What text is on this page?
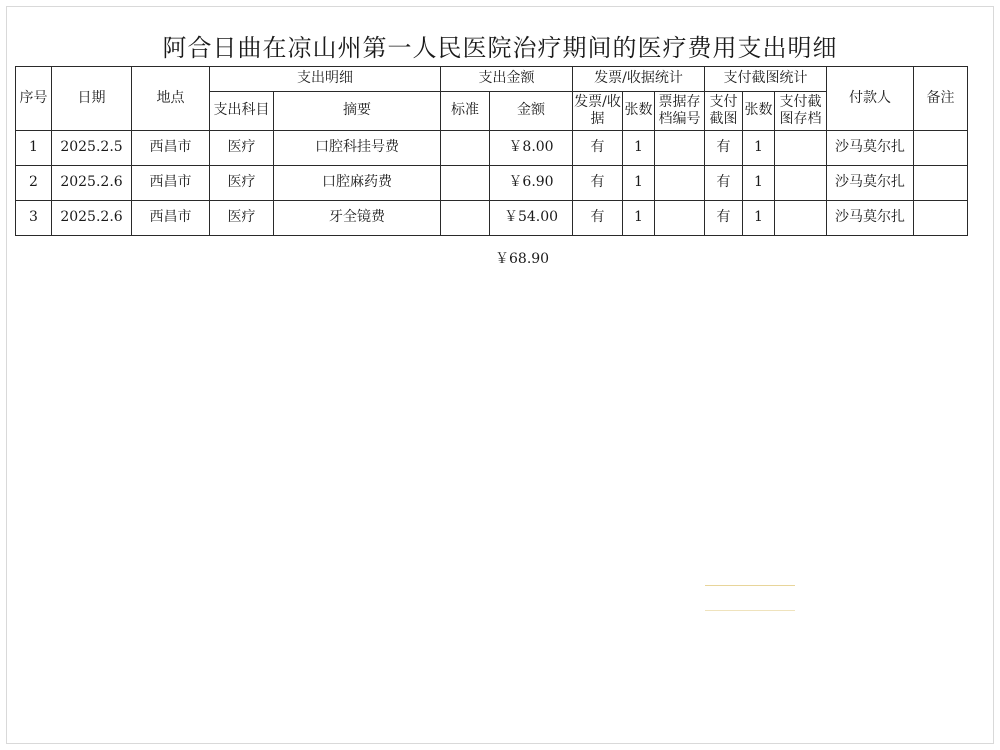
阿合日曲在凉山州第一人民医院治疗期间的医疗费用支出明细
序号	日期	地点	支出明细		支出金额		发票/收据统计			支付截图统计			付款人	备注
			支出科目	摘要	标准	金额	发票/收据	张数	票据存档编号	支付截图	张数	支付截图存档		
1	2025.2.5	西昌市	医疗	口腔科挂号费		￥8.00	有	1		有	1		沙马莫尔扎	
2	2025.2.6	西昌市	医疗	口腔麻药费		￥6.90	有	1		有	1		沙马莫尔扎	
3	2025.2.6	西昌市	医疗	牙全镜费		￥54.00	有	1		有	1		沙马莫尔扎	
￥68.90
